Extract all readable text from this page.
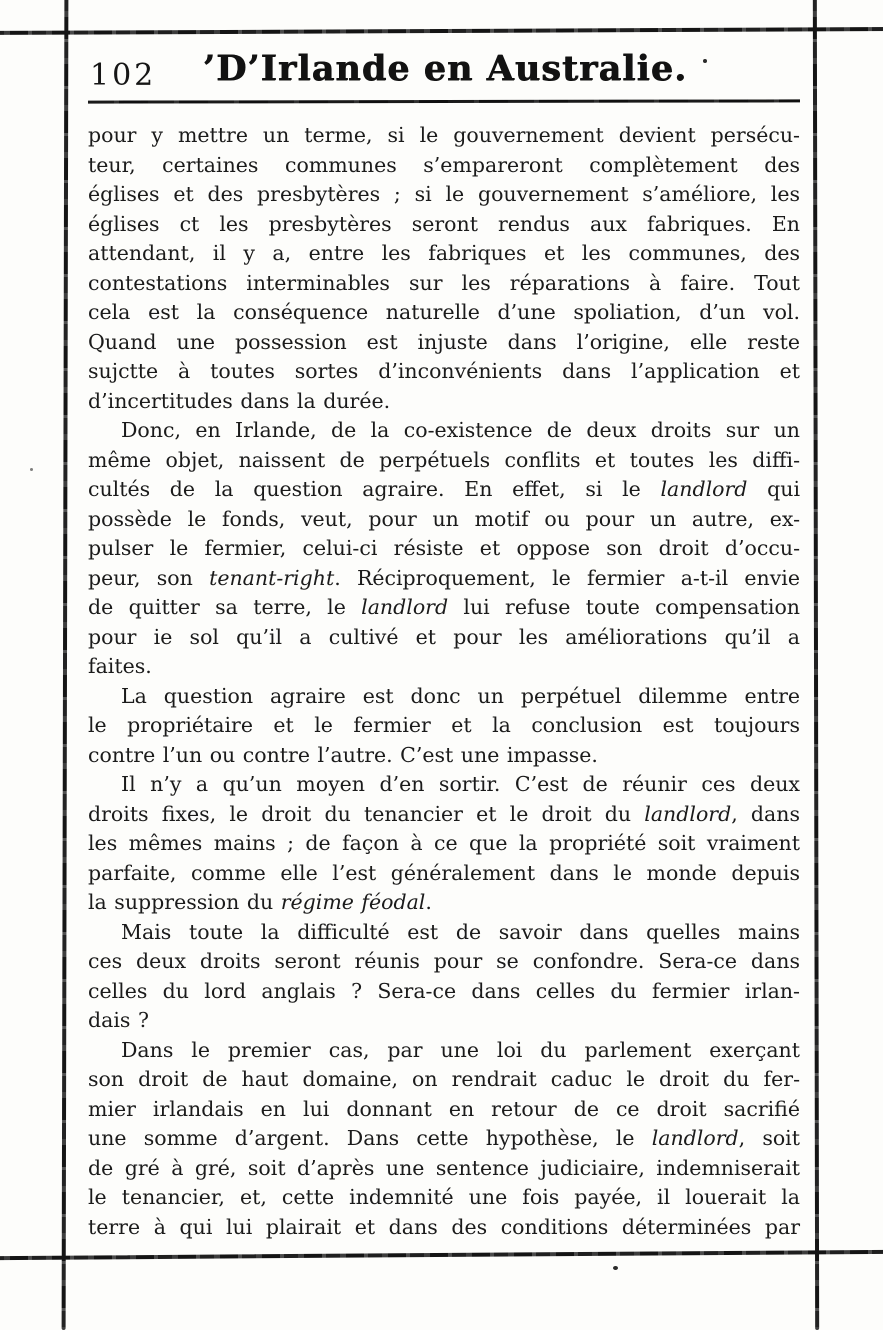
102	’D’Irlande en Australie.
pour y mettre un terme, si le gouvernement devient persécu-
teur, certaines communes s’empareront complètement des
églises et des presbytères ; si le gouvernement s’améliore, les
églises ct les presbytères seront rendus aux fabriques. En
attendant, il y a, entre les fabriques et les communes, des
contestations interminables sur les réparations à faire. Tout
cela est la conséquence naturelle d’une spoliation, d’un vol.
Quand une possession est injuste dans l’origine, elle reste
sujctte à toutes sortes d’inconvénients dans l’application et
d’incertitudes dans la durée.
Donc, en Irlande, de la co-existence de deux droits sur un
même objet, naissent de perpétuels conflits et toutes les diffi-
cultés de la question agraire. En effet, si le landlord qui
possède le fonds, veut, pour un motif ou pour un autre, ex-
pulser le fermier, celui-ci résiste et oppose son droit d’occu-
peur, son tenant-right. Réciproquement, le fermier a-t-il envie
de quitter sa terre, le landlord lui refuse toute compensation
pour ie sol qu’il a cultivé et pour les améliorations qu’il a
faites.
La question agraire est donc un perpétuel dilemme entre
le propriétaire et le fermier et la conclusion est toujours
contre l’un ou contre l’autre. C’est une impasse.
Il n’y a qu’un moyen d’en sortir. C’est de réunir ces deux
droits fixes, le droit du tenancier et le droit du landlord, dans
les mêmes mains ; de façon à ce que la propriété soit vraiment
parfaite, comme elle l’est généralement dans le monde depuis
la suppression du régime féodal.
Mais toute la difficulté est de savoir dans quelles mains
ces deux droits seront réunis pour se confondre. Sera-ce dans
celles du lord anglais ? Sera-ce dans celles du fermier irlan-
dais ?
Dans le premier cas, par une loi du parlement exerçant
son droit de haut domaine, on rendrait caduc le droit du fer-
mier irlandais en lui donnant en retour de ce droit sacrifié
une somme d’argent. Dans cette hypothèse, le landlord, soit
de gré à gré, soit d’après une sentence judiciaire, indemniserait
le tenancier, et, cette indemnité une fois payée, il louerait la
terre à qui lui plairait et dans des conditions déterminées par
